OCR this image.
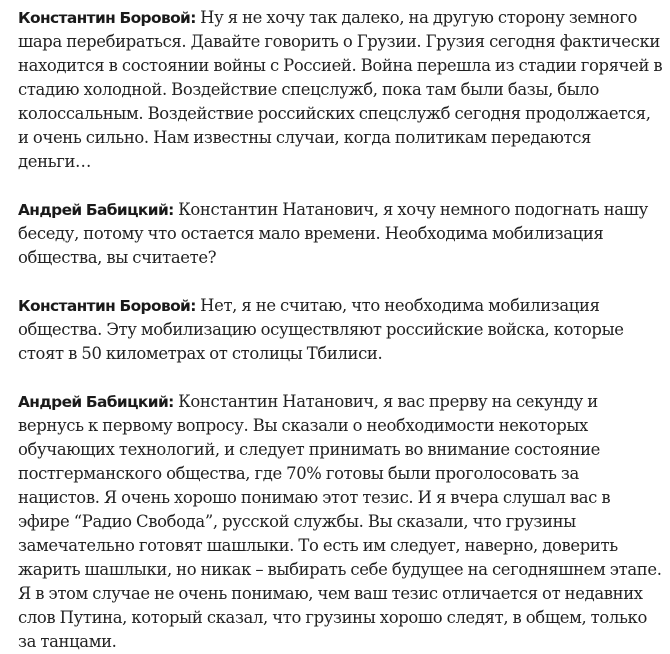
Константин Боровой: Ну я не хочу так далеко, на другую сторону земного шара перебираться. Давайте говорить о Грузии. Грузия сегодня фактически находится в состоянии войны с Россией. Война перешла из стадии горячей в стадию холодной. Воздействие спецслужб, пока там были базы, было колоссальным. Воздействие российских спецслужб сегодня продолжается, и очень сильно. Нам известны случаи, когда политикам передаются деньги…

Андрей Бабицкий: Константин Натанович, я хочу немного подогнать нашу беседу, потому что остается мало времени. Необходима мобилизация общества, вы считаете?

Константин Боровой: Нет, я не считаю, что необходима мобилизация общества. Эту мобилизацию осуществляют российские войска, которые стоят в 50 километрах от столицы Тбилиси.

Андрей Бабицкий: Константин Натанович, я вас прерву на секунду и вернусь к первому вопросу. Вы сказали о необходимости некоторых обучающих технологий, и следует принимать во внимание состояние постгерманского общества, где 70% готовы были проголосовать за нацистов. Я очень хорошо понимаю этот тезис. И я вчера слушал вас в эфире “Радио Свобода”, русской службы. Вы сказали, что грузины замечательно готовят шашлыки. То есть им следует, наверно, доверить жарить шашлыки, но никак – выбирать себе будущее на сегодняшнем этапе. Я в этом случае не очень понимаю, чем ваш тезис отличается от недавних слов Путина, который сказал, что грузины хорошо следят, в общем, только за танцами.
